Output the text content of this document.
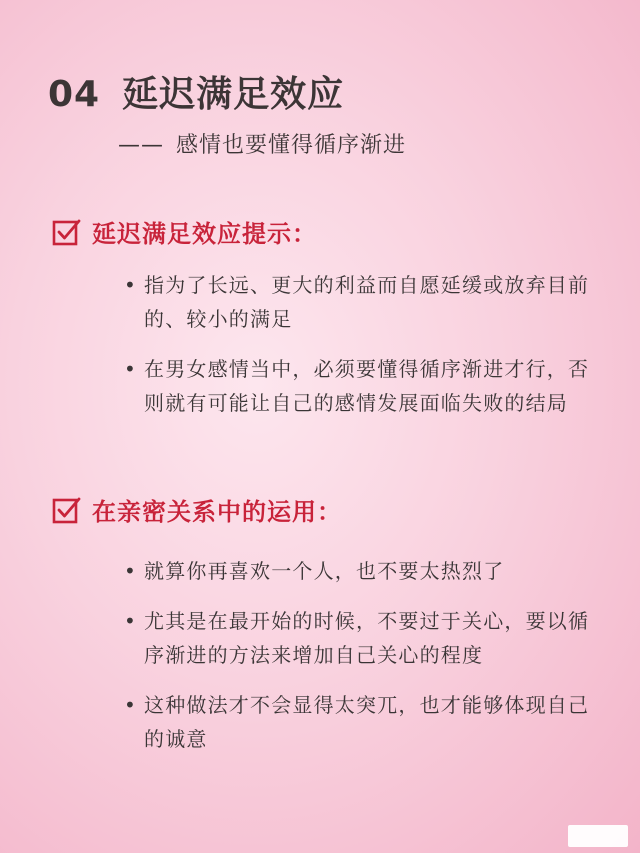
04 延迟满足效应
—— 感情也要懂得循序渐进
延迟满足效应提示：
• 指为了长远、更大的利益而自愿延缓或放弃目前的、较小的满足
• 在男女感情当中，必须要懂得循序渐进才行，否则就有可能让自己的感情发展面临失败的结局
在亲密关系中的运用：
• 就算你再喜欢一个人，也不要太热烈了
• 尤其是在最开始的时候，不要过于关心，要以循序渐进的方法来增加自己关心的程度
• 这种做法才不会显得太突兀，也才能够体现自己的诚意
